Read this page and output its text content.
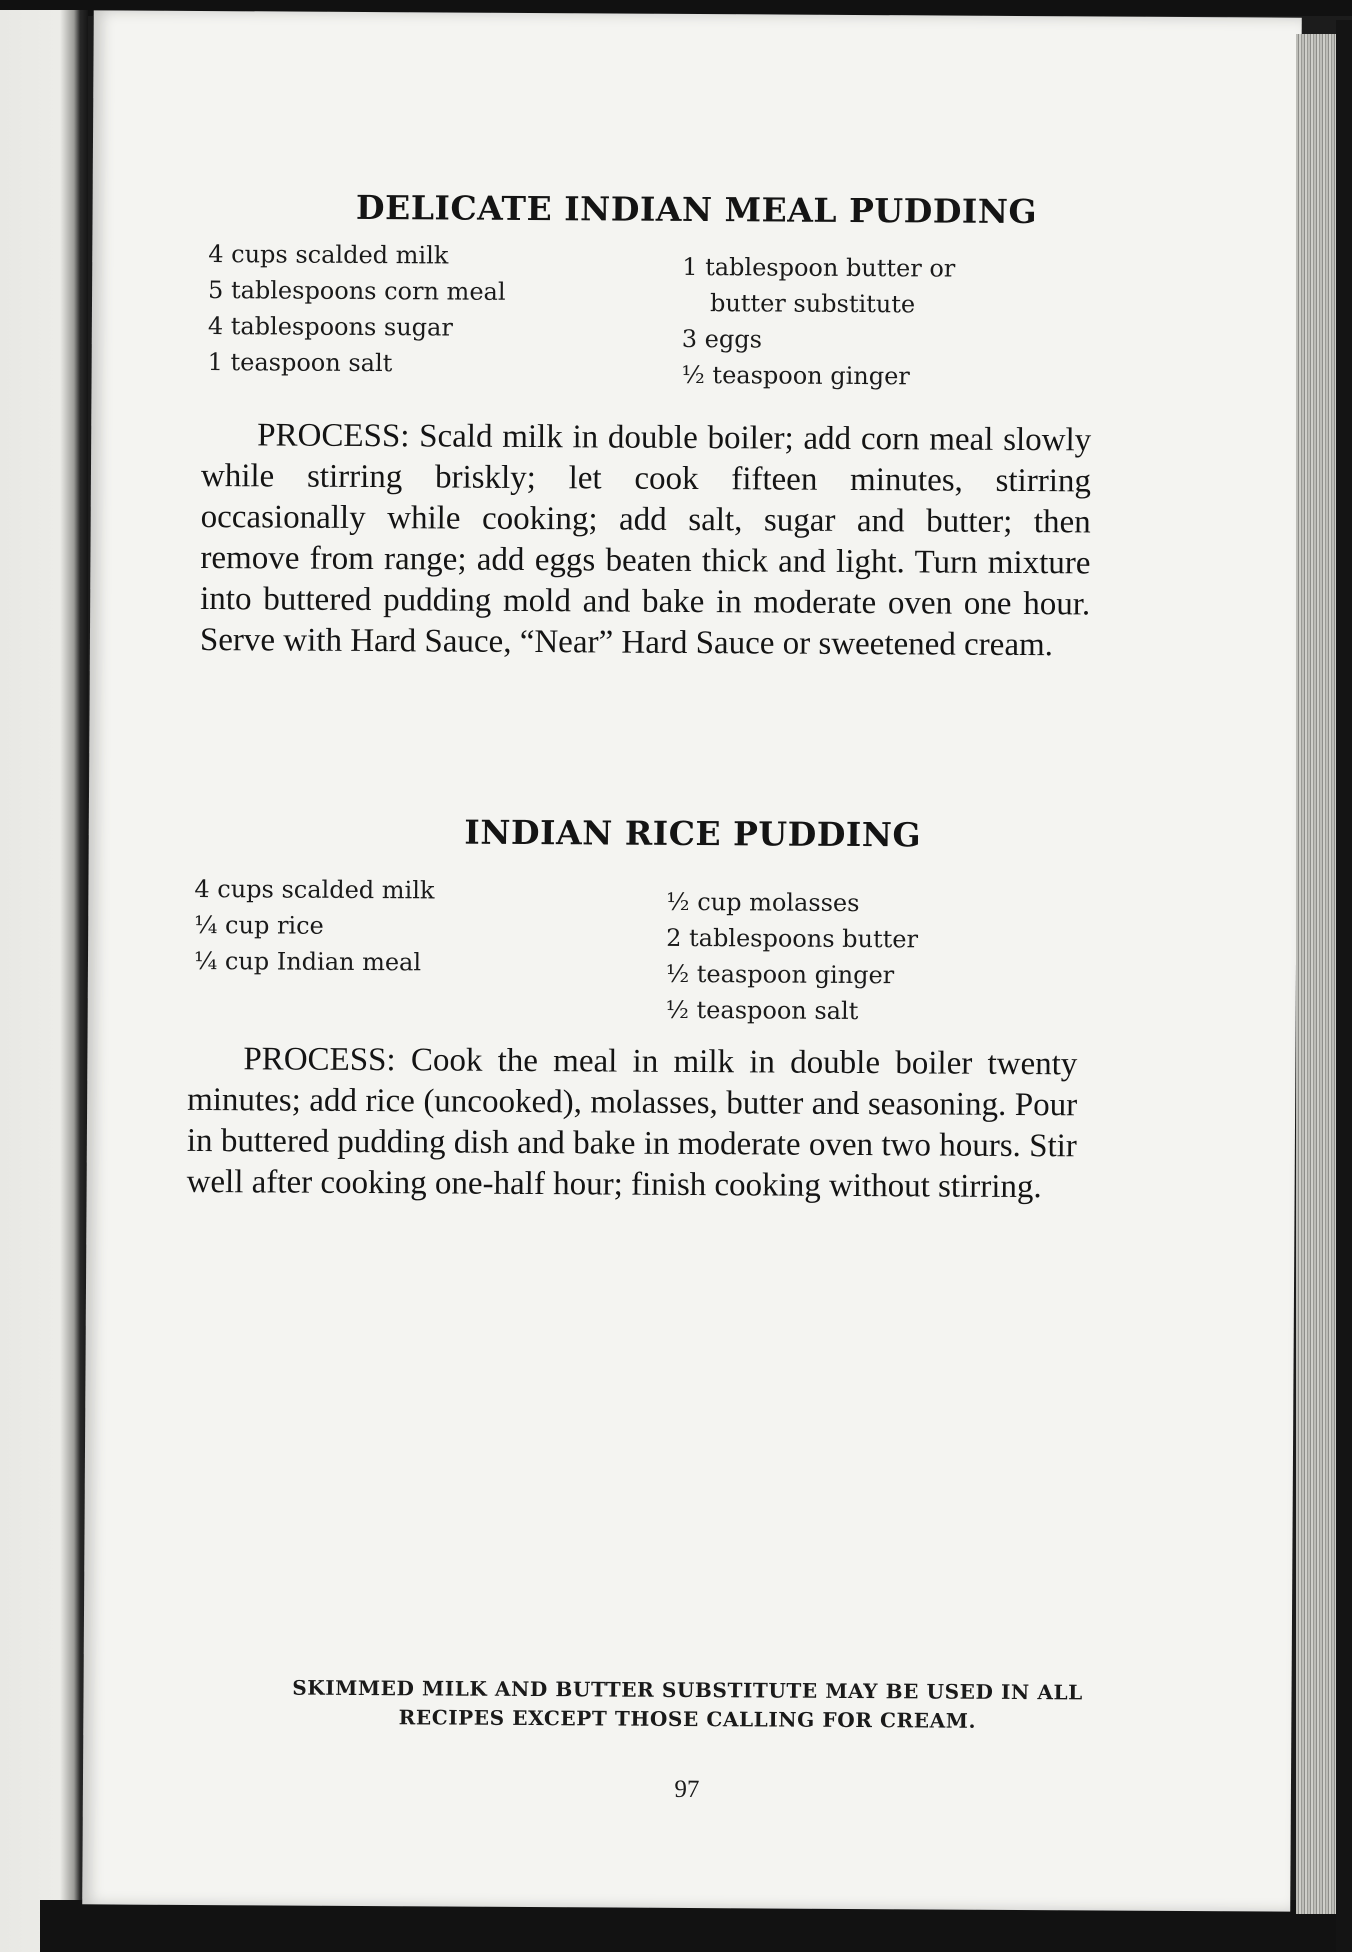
DELICATE INDIAN MEAL PUDDING
4 cups scalded milk
5 tablespoons corn meal
4 tablespoons sugar
1 teaspoon salt
1 tablespoon butter or
butter substitute
3 eggs
½ teaspoon ginger
PROCESS: Scald milk in double boiler; add corn meal slowly while stirring briskly; let cook fifteen minutes, stirring occasionally while cooking; add salt, sugar and butter; then remove from range; add eggs beaten thick and light. Turn mixture into buttered pudding mold and bake in moderate oven one hour. Serve with Hard Sauce, “Near” Hard Sauce or sweetened cream.
INDIAN RICE PUDDING
4 cups scalded milk
¼ cup rice
¼ cup Indian meal
½ cup molasses
2 tablespoons butter
½ teaspoon ginger
½ teaspoon salt
PROCESS: Cook the meal in milk in double boiler twenty minutes; add rice (uncooked), molasses, butter and seasoning. Pour in buttered pudding dish and bake in moderate oven two hours. Stir well after cooking one-half hour; finish cooking without stirring.
SKIMMED MILK AND BUTTER SUBSTITUTE MAY BE USED IN ALL
RECIPES EXCEPT THOSE CALLING FOR CREAM.
97
